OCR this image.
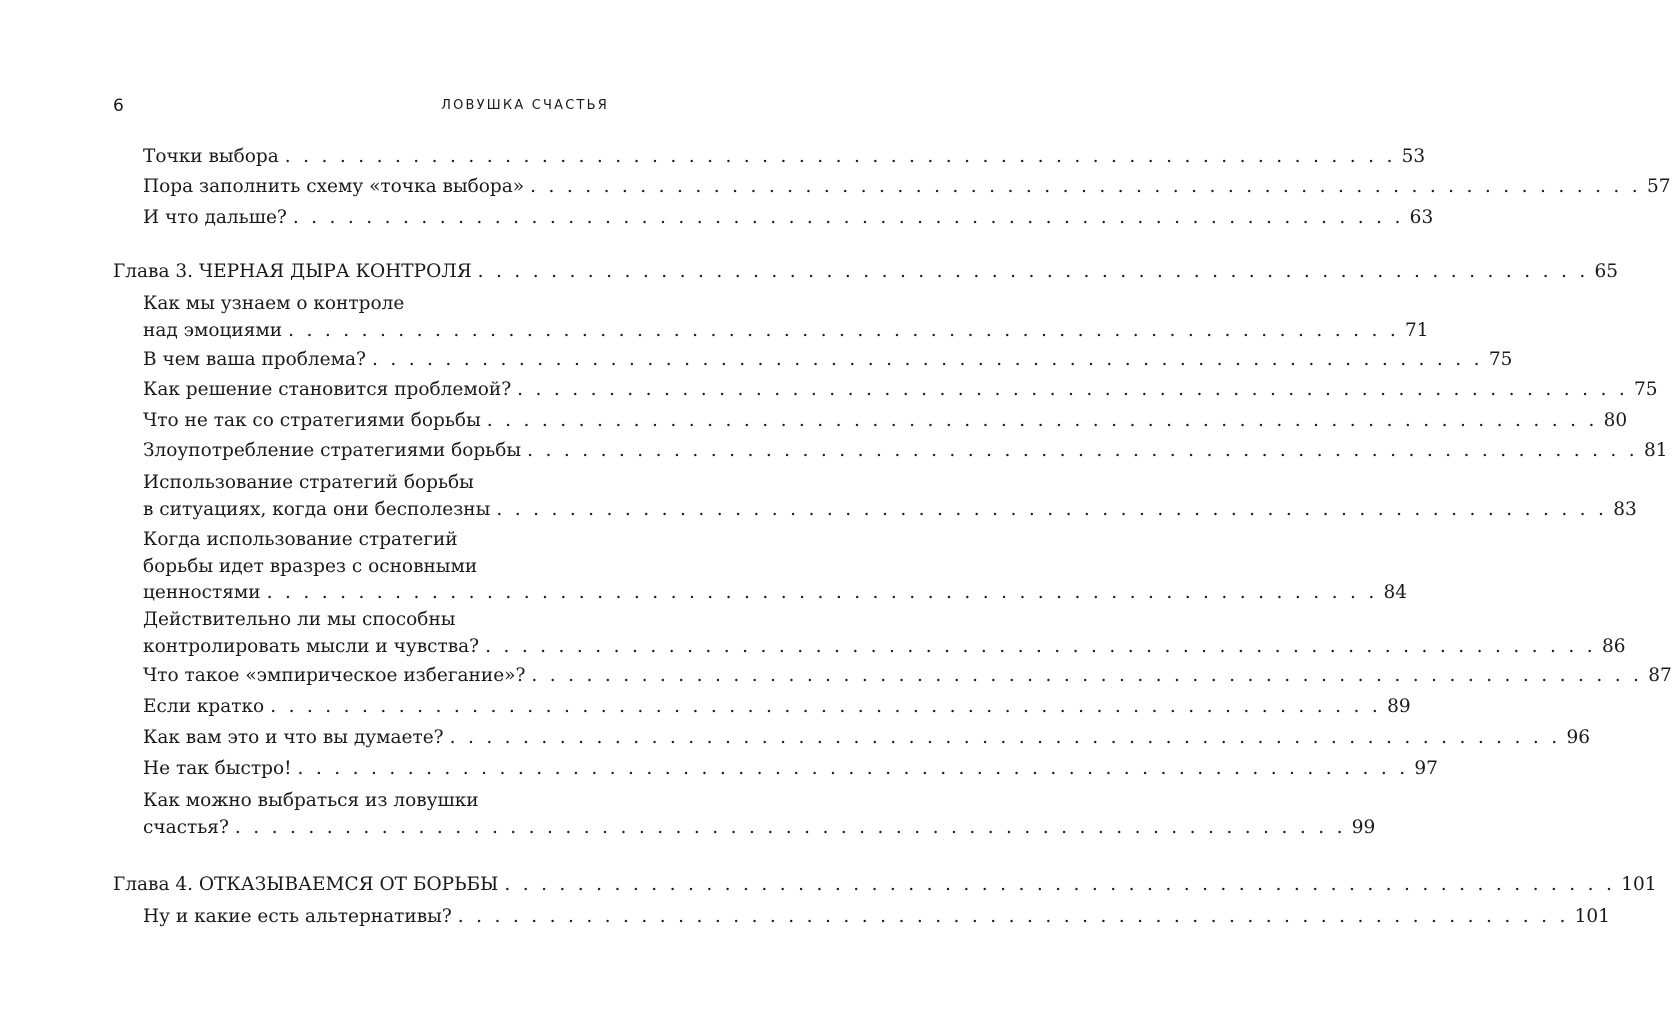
6	ЛОВУШКА СЧАСТЬЯ
Точки выбора . . . . . . . . . . . . . . . . . . . . . . . . . . . . . . . . . . . . . . . . . . . . . . . . . . . . . . . . . . . . . 53
Пора заполнить схему «точка выбора» . . . . . . . . . . . . . . . . . . . . . . . . . . . . . . . . . . . . . . . . . . . . . . . . . . . . . . . . . . . . . 57
И что дальше? . . . . . . . . . . . . . . . . . . . . . . . . . . . . . . . . . . . . . . . . . . . . . . . . . . . . . . . . . . . . . 63
Глава 3. ЧЕРНАЯ ДЫРА КОНТРОЛЯ . . . . . . . . . . . . . . . . . . . . . . . . . . . . . . . . . . . . . . . . . . . . . . . . . . . . . . . . . . . . . 65
Как мы узнаем о контроле
над эмоциями . . . . . . . . . . . . . . . . . . . . . . . . . . . . . . . . . . . . . . . . . . . . . . . . . . . . . . . . . . . . . 71
В чем ваша проблема? . . . . . . . . . . . . . . . . . . . . . . . . . . . . . . . . . . . . . . . . . . . . . . . . . . . . . . . . . . . . . 75
Как решение становится проблемой? . . . . . . . . . . . . . . . . . . . . . . . . . . . . . . . . . . . . . . . . . . . . . . . . . . . . . . . . . . . . . 75
Что не так со стратегиями борьбы . . . . . . . . . . . . . . . . . . . . . . . . . . . . . . . . . . . . . . . . . . . . . . . . . . . . . . . . . . . . . 80
Злоупотребление стратегиями борьбы . . . . . . . . . . . . . . . . . . . . . . . . . . . . . . . . . . . . . . . . . . . . . . . . . . . . . . . . . . . . . 81
Использование стратегий борьбы
в ситуациях, когда они бесполезны . . . . . . . . . . . . . . . . . . . . . . . . . . . . . . . . . . . . . . . . . . . . . . . . . . . . . . . . . . . . . 83
Когда использование стратегий
борьбы идет вразрез с основными
ценностями . . . . . . . . . . . . . . . . . . . . . . . . . . . . . . . . . . . . . . . . . . . . . . . . . . . . . . . . . . . . . 84
Действительно ли мы способны
контролировать мысли и чувства? . . . . . . . . . . . . . . . . . . . . . . . . . . . . . . . . . . . . . . . . . . . . . . . . . . . . . . . . . . . . . 86
Что такое «эмпирическое избегание»? . . . . . . . . . . . . . . . . . . . . . . . . . . . . . . . . . . . . . . . . . . . . . . . . . . . . . . . . . . . . . 87
Если кратко . . . . . . . . . . . . . . . . . . . . . . . . . . . . . . . . . . . . . . . . . . . . . . . . . . . . . . . . . . . . . 89
Как вам это и что вы думаете? . . . . . . . . . . . . . . . . . . . . . . . . . . . . . . . . . . . . . . . . . . . . . . . . . . . . . . . . . . . . . 96
Не так быстро! . . . . . . . . . . . . . . . . . . . . . . . . . . . . . . . . . . . . . . . . . . . . . . . . . . . . . . . . . . . . . 97
Как можно выбраться из ловушки
счастья? . . . . . . . . . . . . . . . . . . . . . . . . . . . . . . . . . . . . . . . . . . . . . . . . . . . . . . . . . . . . . 99
Глава 4. ОТКАЗЫВАЕМСЯ ОТ БОРЬБЫ . . . . . . . . . . . . . . . . . . . . . . . . . . . . . . . . . . . . . . . . . . . . . . . . . . . . . . . . . . . . . 101
Ну и какие есть альтернативы? . . . . . . . . . . . . . . . . . . . . . . . . . . . . . . . . . . . . . . . . . . . . . . . . . . . . . . . . . . . . . 101
